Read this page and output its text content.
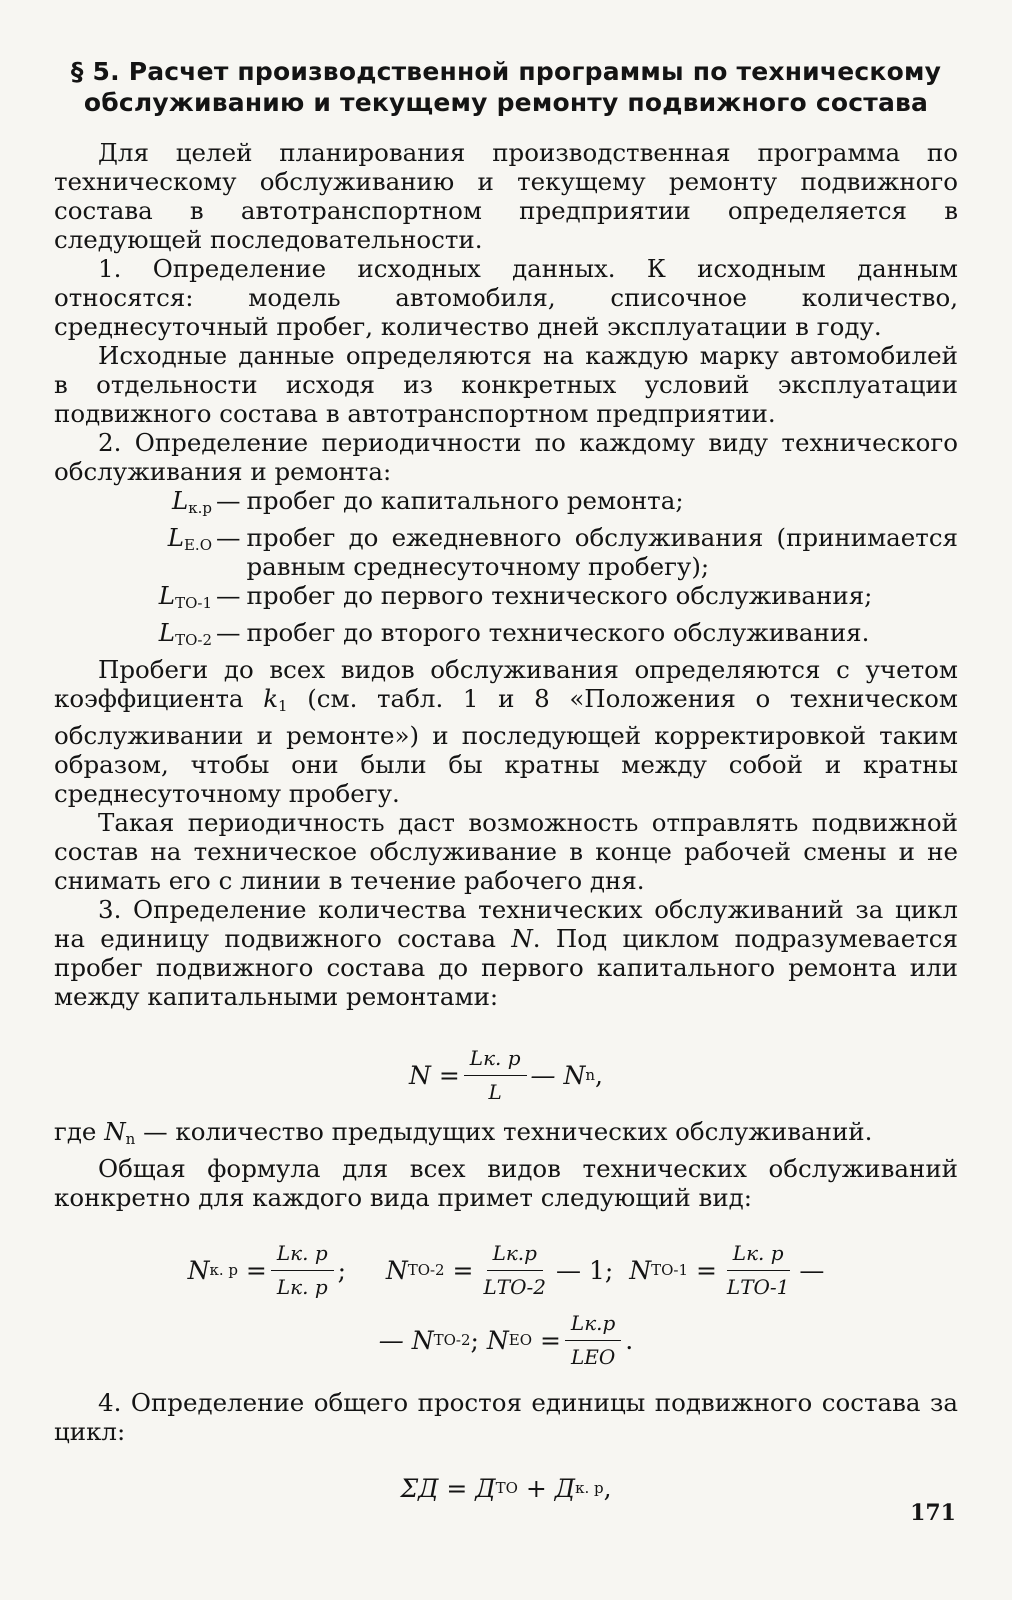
§ 5. Расчет производственной программы по техническому
обслуживанию и текущему ремонту подвижного состава

Для целей планирования производственная программа по техническому обслуживанию и текущему ремонту подвижного состава в автотранспортном предприятии определяется в следующей последовательности.

1. Определение исходных данных. К исходным данным относятся: модель автомобиля, списочное количество, среднесуточный пробег, количество дней эксплуатации в году.

Исходные данные определяются на каждую марку автомобилей в отдельности исходя из конкретных условий эксплуатации подвижного состава в автотранспортном предприятии.

2. Определение периодичности по каждому виду технического обслуживания и ремонта:

$L_{к.р}$ — пробег до капитального ремонта;
$L_{Е.О}$ — пробег до ежедневного обслуживания (принимается равным среднесуточному пробегу);
$L_{ТО-1}$ — пробег до первого технического обслуживания;
$L_{ТО-2}$ — пробег до второго технического обслуживания.

Пробеги до всех видов обслуживания определяются с учетом коэффициента $k_1$ (см. табл. 1 и 8 «Положения о техническом обслуживании и ремонте») и последующей корректировкой таким образом, чтобы они были бы кратны между собой и кратны среднесуточному пробегу.

Такая периодичность даст возможность отправлять подвижной состав на техническое обслуживание в конце рабочей смены и не снимать его с линии в течение рабочего дня.

3. Определение количества технических обслуживаний за цикл на единицу подвижного состава N. Под циклом подразумевается пробег подвижного состава до первого капитального ремонта или между капитальными ремонтами:

$N = \frac{Lк. р}{L}$ — N n ,

где $N_n$ — количество предыдущих технических обслуживаний.

Общая формула для всех видов технических обслуживаний конкретно для каждого вида примет следующий вид:

N к. $р = \frac{Lк. р}{Lк. р}$ ; N $ТО-2 = \frac{Lк.р}{\text{LТО-2}}$ — 1;
N $ТО-1 = \frac{Lк. р}{\text{LТО-1}}$ —
— N ТО-2 ; N ЕО = $\frac{Lк.р}{\text{LЕО}}$ .

4. Определение общего простоя единицы подвижного состава за цикл:

ΣД = Д ТО
+ Д к. р ,
171
